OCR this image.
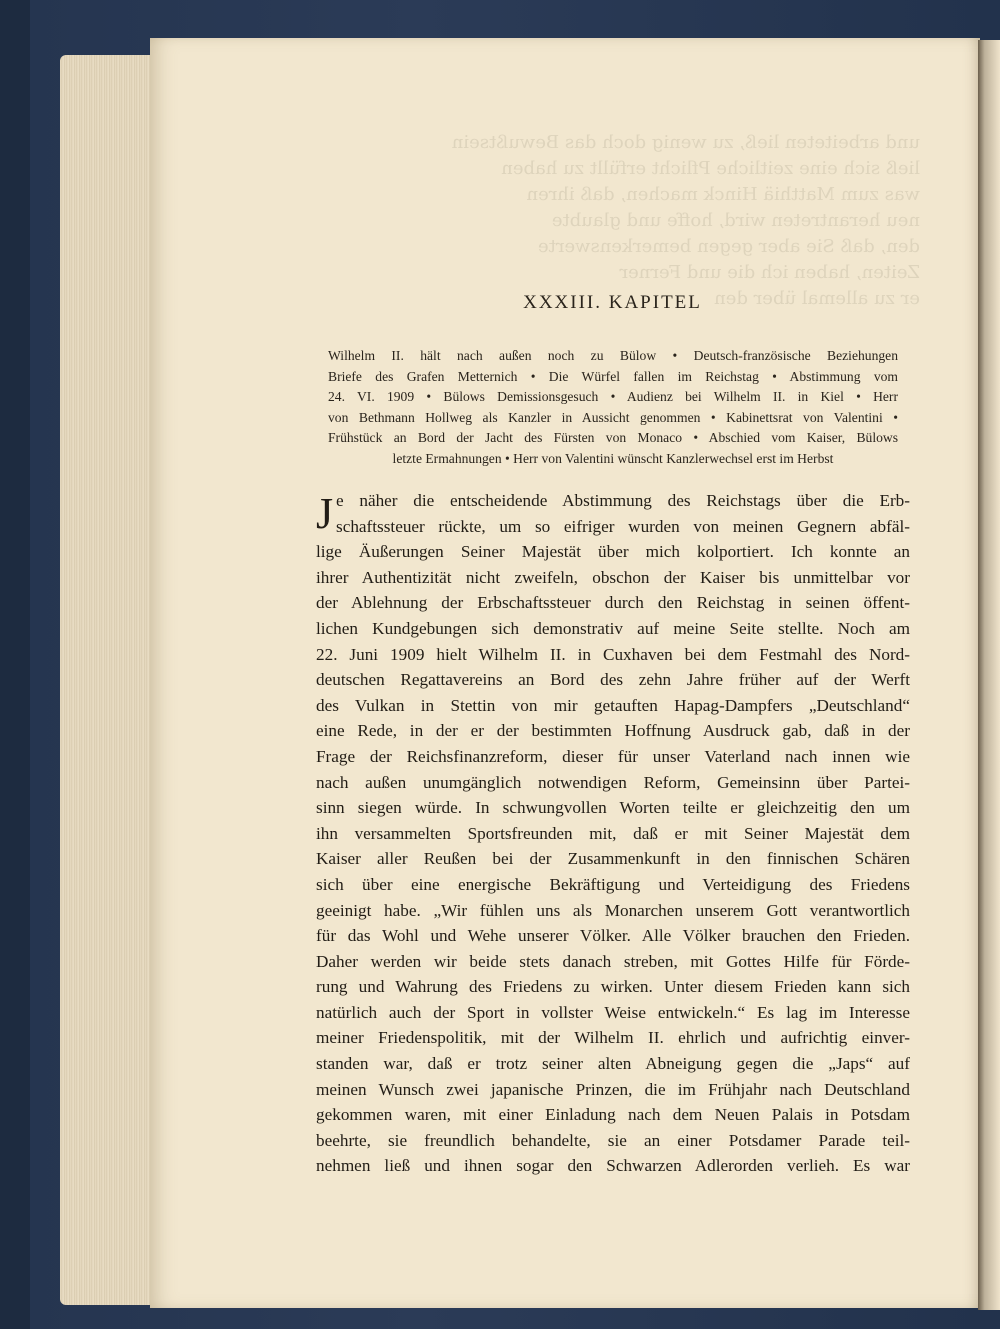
und arbeiteten ließ, zu wenig doch das Bewußtsein
ließ sich eine zeitliche Pflicht erfüllt zu haben
was zum Matthiä Hinck machen, daß ihren
neu herantreten wird, hoffe und glaubte
den, daß Sie aber gegen bemerkenswerte
Zeiten, haben ich die und Ferner
er zu allemal über den

XXXIII. KAPITEL
Wilhelm II. hält nach außen noch zu Bülow • Deutsch-französische Beziehungen
Briefe des Grafen Metternich • Die Würfel fallen im Reichstag • Abstimmung vom
24. VI. 1909 • Bülows Demissionsgesuch • Audienz bei Wilhelm II. in Kiel • Herr
von Bethmann Hollweg als Kanzler in Aussicht genommen • Kabinettsrat von Valentini •
Frühstück an Bord der Jacht des Fürsten von Monaco • Abschied vom Kaiser, Bülows
letzte Ermahnungen • Herr von Valentini wünscht Kanzlerwechsel erst im Herbst
J e näher die entscheidende Abstimmung des Reichstags über die Erb-
schaftssteuer rückte, um so eifriger wurden von meinen Gegnern abfäl-
lige Äußerungen Seiner Majestät über mich kolportiert. Ich konnte an
ihrer Authentizität nicht zweifeln, obschon der Kaiser bis unmittelbar vor
der Ablehnung der Erbschaftssteuer durch den Reichstag in seinen öffent-
lichen Kundgebungen sich demonstrativ auf meine Seite stellte. Noch am
22. Juni 1909 hielt Wilhelm II. in Cuxhaven bei dem Festmahl des Nord-
deutschen Regattavereins an Bord des zehn Jahre früher auf der Werft
des Vulkan in Stettin von mir getauften Hapag-Dampfers „Deutschland“
eine Rede, in der er der bestimmten Hoffnung Ausdruck gab, daß in der
Frage der Reichsfinanzreform, dieser für unser Vaterland nach innen wie
nach außen unumgänglich notwendigen Reform, Gemeinsinn über Partei-
sinn siegen würde. In schwungvollen Worten teilte er gleichzeitig den um
ihn versammelten Sportsfreunden mit, daß er mit Seiner Majestät dem
Kaiser aller Reußen bei der Zusammenkunft in den finnischen Schären
sich über eine energische Bekräftigung und Verteidigung des Friedens
geeinigt habe. „Wir fühlen uns als Monarchen unserem Gott verantwortlich
für das Wohl und Wehe unserer Völker. Alle Völker brauchen den Frieden.
Daher werden wir beide stets danach streben, mit Gottes Hilfe für Förde-
rung und Wahrung des Friedens zu wirken. Unter diesem Frieden kann sich
natürlich auch der Sport in vollster Weise entwickeln.“ Es lag im Interesse
meiner Friedenspolitik, mit der Wilhelm II. ehrlich und aufrichtig einver-
standen war, daß er trotz seiner alten Abneigung gegen die „Japs“ auf
meinen Wunsch zwei japanische Prinzen, die im Frühjahr nach Deutschland
gekommen waren, mit einer Einladung nach dem Neuen Palais in Potsdam
beehrte, sie freundlich behandelte, sie an einer Potsdamer Parade teil-
nehmen ließ und ihnen sogar den Schwarzen Adlerorden verlieh. Es war
